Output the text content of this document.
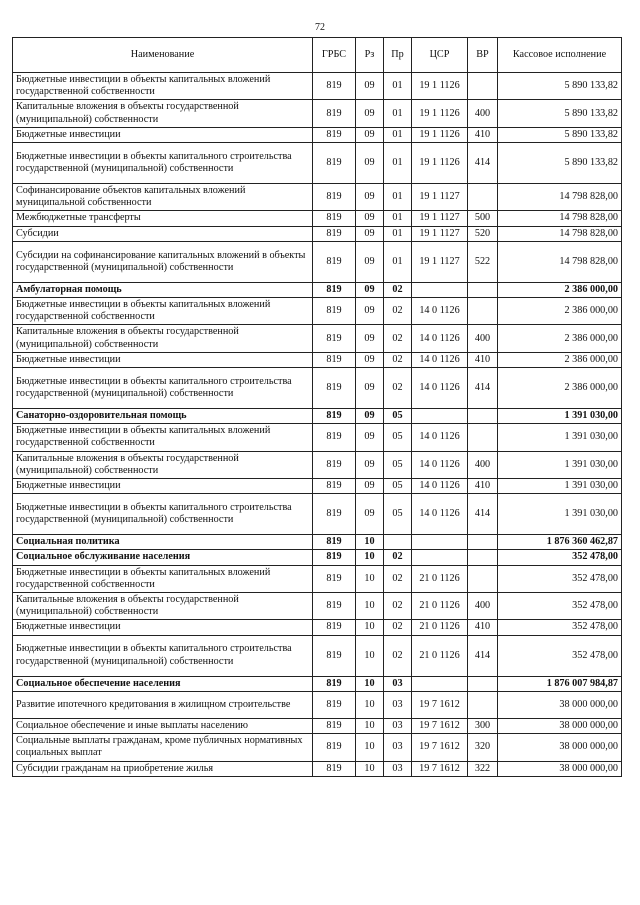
72
Наименование	ГРБС	Рз	Пр	ЦСР	ВР	Кассовое исполнение
Бюджетные инвестиции в объекты капитальных вложений государственной собственности	819	09	01	19 1 1126		5 890 133,82
Капитальные вложения в объекты государственной (муниципальной) собственности	819	09	01	19 1 1126	400	5 890 133,82
Бюджетные инвестиции	819	09	01	19 1 1126	410	5 890 133,82
Бюджетные инвестиции в объекты капитального строительства государственной (муниципальной) собственности	819	09	01	19 1 1126	414	5 890 133,82
Софинансирование объектов капитальных вложений муниципальной собственности	819	09	01	19 1 1127		14 798 828,00
Межбюджетные трансферты	819	09	01	19 1 1127	500	14 798 828,00
Субсидии	819	09	01	19 1 1127	520	14 798 828,00
Субсидии на софинансирование капитальных вложений в объекты государственной (муниципальной) собственности	819	09	01	19 1 1127	522	14 798 828,00
Амбулаторная помощь	819	09	02			2 386 000,00
Бюджетные инвестиции в объекты капитальных вложений государственной собственности	819	09	02	14 0 1126		2 386 000,00
Капитальные вложения в объекты государственной (муниципальной) собственности	819	09	02	14 0 1126	400	2 386 000,00
Бюджетные инвестиции	819	09	02	14 0 1126	410	2 386 000,00
Бюджетные инвестиции в объекты капитального строительства государственной (муниципальной) собственности	819	09	02	14 0 1126	414	2 386 000,00
Санаторно-оздоровительная помощь	819	09	05			1 391 030,00
Бюджетные инвестиции в объекты капитальных вложений государственной собственности	819	09	05	14 0 1126		1 391 030,00
Капитальные вложения в объекты государственной (муниципальной) собственности	819	09	05	14 0 1126	400	1 391 030,00
Бюджетные инвестиции	819	09	05	14 0 1126	410	1 391 030,00
Бюджетные инвестиции в объекты капитального строительства государственной (муниципальной) собственности	819	09	05	14 0 1126	414	1 391 030,00
Социальная политика	819	10				1 876 360 462,87
Социальное обслуживание населения	819	10	02			352 478,00
Бюджетные инвестиции в объекты капитальных вложений государственной собственности	819	10	02	21 0 1126		352 478,00
Капитальные вложения в объекты государственной (муниципальной) собственности	819	10	02	21 0 1126	400	352 478,00
Бюджетные инвестиции	819	10	02	21 0 1126	410	352 478,00
Бюджетные инвестиции в объекты капитального строительства государственной (муниципальной) собственности	819	10	02	21 0 1126	414	352 478,00
Социальное обеспечение населения	819	10	03			1 876 007 984,87
Развитие ипотечного кредитования в жилищном строительстве	819	10	03	19 7 1612		38 000 000,00
Социальное обеспечение и иные выплаты населению	819	10	03	19 7 1612	300	38 000 000,00
Социальные выплаты гражданам, кроме публичных нормативных социальных выплат	819	10	03	19 7 1612	320	38 000 000,00
Субсидии гражданам на приобретение жилья	819	10	03	19 7 1612	322	38 000 000,00
